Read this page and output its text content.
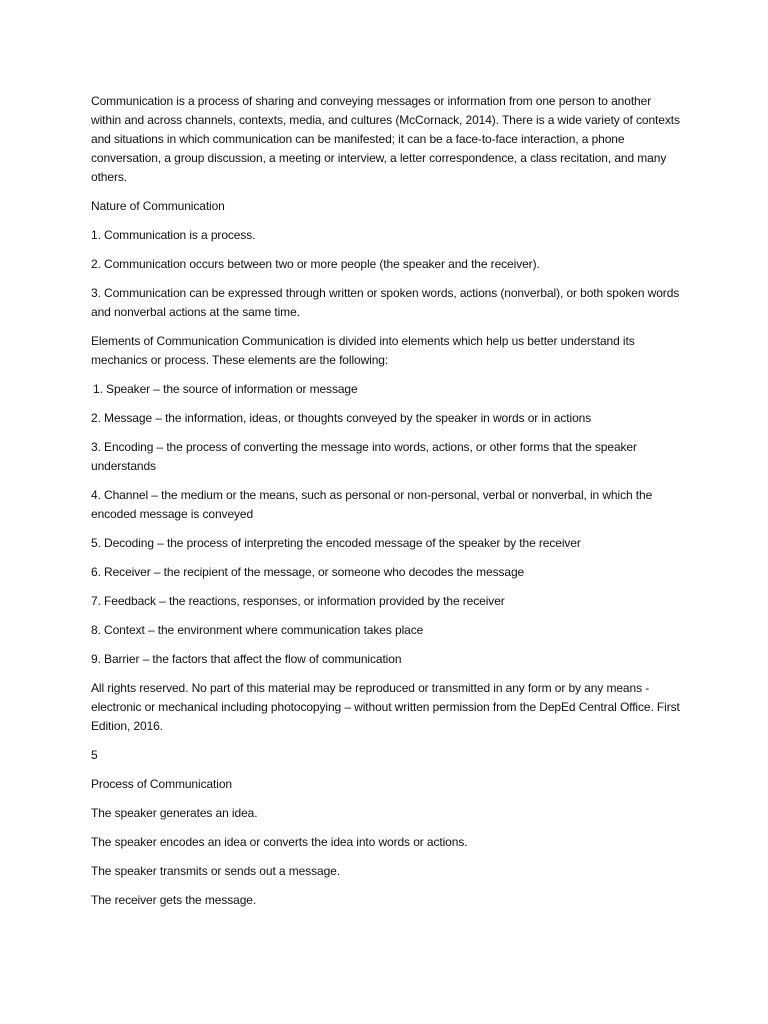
Communication is a process of sharing and conveying messages or information from one person to another within and across channels, contexts, media, and cultures (McCornack, 2014). There is a wide variety of contexts and situations in which communication can be manifested; it can be a face-to-face interaction, a phone conversation, a group discussion, a meeting or interview, a letter correspondence, a class recitation, and many others.

Nature of Communication

1. Communication is a process.

2. Communication occurs between two or more people (the speaker and the receiver).

3. Communication can be expressed through written or spoken words, actions (nonverbal), or both spoken words and nonverbal actions at the same time.

Elements of Communication Communication is divided into elements which help us better understand its mechanics or process. These elements are the following:

1. Speaker – the source of information or message

2. Message – the information, ideas, or thoughts conveyed by the speaker in words or in actions

3. Encoding – the process of converting the message into words, actions, or other forms that the speaker understands

4. Channel – the medium or the means, such as personal or non-personal, verbal or nonverbal, in which the encoded message is conveyed

5. Decoding – the process of interpreting the encoded message of the speaker by the receiver

6. Receiver – the recipient of the message, or someone who decodes the message

7. Feedback – the reactions, responses, or information provided by the receiver

8. Context – the environment where communication takes place

9. Barrier – the factors that affect the flow of communication

All rights reserved. No part of this material may be reproduced or transmitted in any form or by any means - electronic or mechanical including photocopying – without written permission from the DepEd Central Office. First Edition, 2016.

5

Process of Communication

The speaker generates an idea.

The speaker encodes an idea or converts the idea into words or actions.

The speaker transmits or sends out a message.

The receiver gets the message.
